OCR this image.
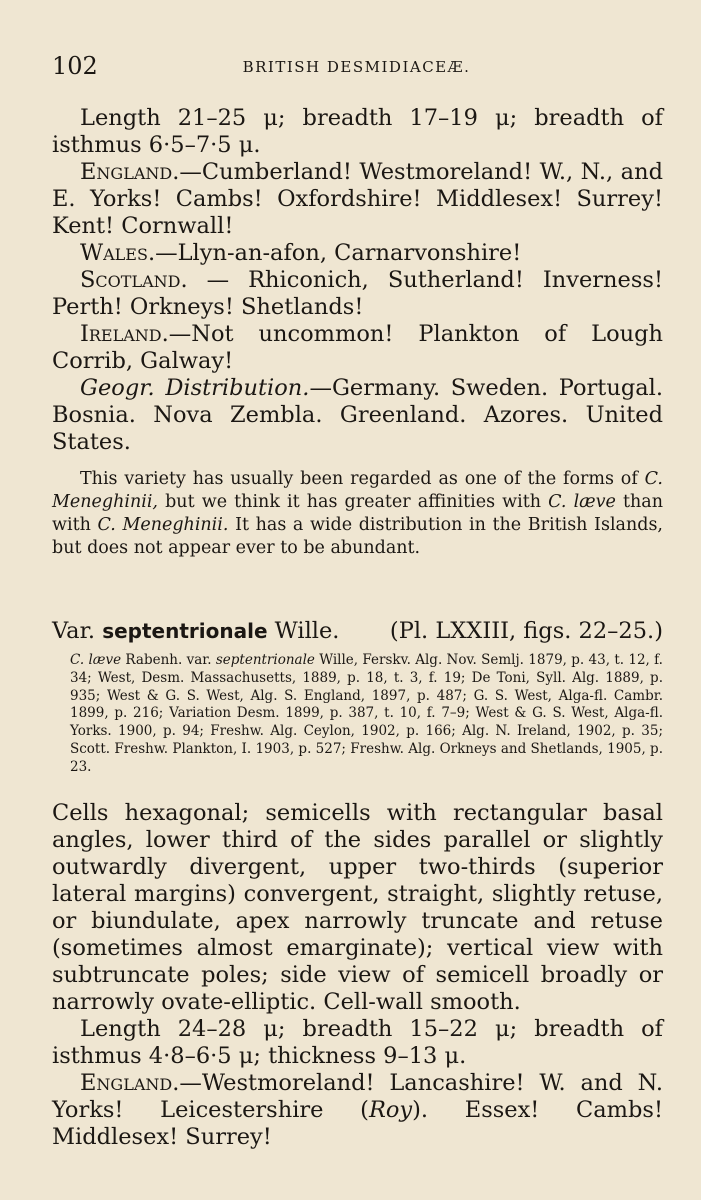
102	BRITISH DESMIDIACEÆ.

Length 21–25 μ; breadth 17–19 μ; breadth of isthmus 6·5–7·5 μ.

England.—Cumberland! Westmoreland! W., N., and E. Yorks! Cambs! Oxfordshire! Middlesex! Surrey! Kent! Cornwall!

Wales.—Llyn-an-afon, Carnarvonshire!

Scotland. — Rhiconich, Sutherland! Inverness! Perth! Orkneys! Shetlands!

Ireland.—Not uncommon! Plankton of Lough Corrib, Galway!

Geogr. Distribution.—Germany. Sweden. Portugal. Bosnia. Nova Zembla. Greenland. Azores. United States.

This variety has usually been regarded as one of the forms of C. Meneghinii, but we think it has greater affinities with C. læve than with C. Meneghinii. It has a wide distribution in the British Islands, but does not appear ever to be abundant.

Var. septentrionale Wille. (Pl. LXXIII, figs. 22–25.)

C. læve Rabenh. var. septentrionale Wille, Ferskv. Alg. Nov. Semlj. 1879, p. 43, t. 12, f. 34; West, Desm. Massachusetts, 1889, p. 18, t. 3, f. 19; De Toni, Syll. Alg. 1889, p. 935; West & G. S. West, Alg. S. England, 1897, p. 487; G. S. West, Alga-fl. Cambr. 1899, p. 216; Variation Desm. 1899, p. 387, t. 10, f. 7–9; West & G. S. West, Alga-fl. Yorks. 1900, p. 94; Freshw. Alg. Ceylon, 1902, p. 166; Alg. N. Ireland, 1902, p. 35; Scott. Freshw. Plankton, I. 1903, p. 527; Freshw. Alg. Orkneys and Shetlands, 1905, p. 23.

Cells hexagonal; semicells with rectangular basal angles, lower third of the sides parallel or slightly outwardly divergent, upper two-thirds (superior lateral margins) convergent, straight, slightly retuse, or biundulate, apex narrowly truncate and retuse (sometimes almost emarginate); vertical view with subtruncate poles; side view of semicell broadly or narrowly ovate-elliptic. Cell-wall smooth.

Length 24–28 μ; breadth 15–22 μ; breadth of isthmus 4·8–6·5 μ; thickness 9–13 μ.

England.—Westmoreland! Lancashire! W. and N. Yorks! Leicestershire (Roy). Essex! Cambs! Middlesex! Surrey!
